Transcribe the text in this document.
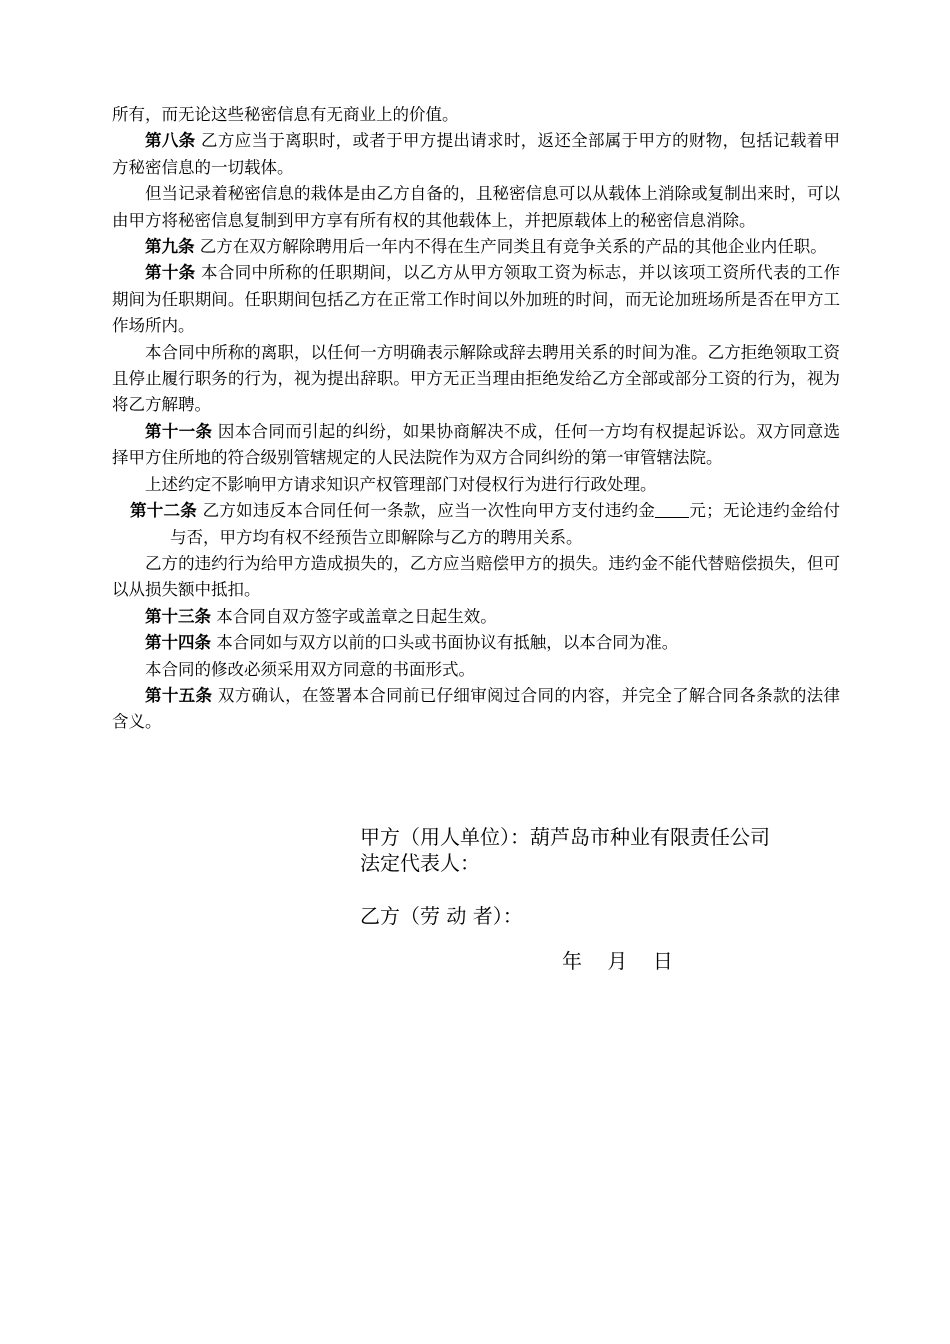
所有，而无论这些秘密信息有无商业上的价值。

第八条 乙方应当于离职时，或者于甲方提出请求时，返还全部属于甲方的财物，包括记载着甲方秘密信息的一切载体。

但当记录着秘密信息的栽体是由乙方自备的，且秘密信息可以从载体上消除或复制出来时，可以由甲方将秘密信息复制到甲方享有所有权的其他载体上，并把原载体上的秘密信息消除。

第九条 乙方在双方解除聘用后一年内不得在生产同类且有竞争关系的产品的其他企业内任职。

第十条 本合同中所称的任职期间，以乙方从甲方领取工资为标志，并以该项工资所代表的工作期间为任职期间。任职期间包括乙方在正常工作时间以外加班的时间，而无论加班场所是否在甲方工作场所内。

本合同中所称的离职，以任何一方明确表示解除或辞去聘用关系的时间为准。乙方拒绝领取工资且停止履行职务的行为，视为提出辞职。甲方无正当理由拒绝发给乙方全部或部分工资的行为，视为将乙方解聘。

第十一条 因本合同而引起的纠纷，如果协商解决不成，任何一方均有权提起诉讼。双方同意选择甲方住所地的符合级别管辖规定的人民法院作为双方合同纠纷的第一审管辖法院。

上述约定不影响甲方请求知识产权管理部门对侵权行为进行行政处理。

第十二条 乙方如违反本合同任何一条款，应当一次性向甲方支付违约金 元；无论违约金给付与否，甲方均有权不经预告立即解除与乙方的聘用关系。

乙方的违约行为给甲方造成损失的，乙方应当赔偿甲方的损失。违约金不能代替赔偿损失，但可以从损失额中抵扣。

第十三条 本合同自双方签字或盖章之日起生效。

第十四条 本合同如与双方以前的口头或书面协议有抵触，以本合同为准。

本合同的修改必须采用双方同意的书面形式。

第十五条 双方确认，在签署本合同前已仔细审阅过合同的内容，并完全了解合同各条款的法律含义。

甲方（用人单位）：葫芦岛市种业有限责任公司
法定代表人：
乙方（劳 动 者）：
年    月    日
